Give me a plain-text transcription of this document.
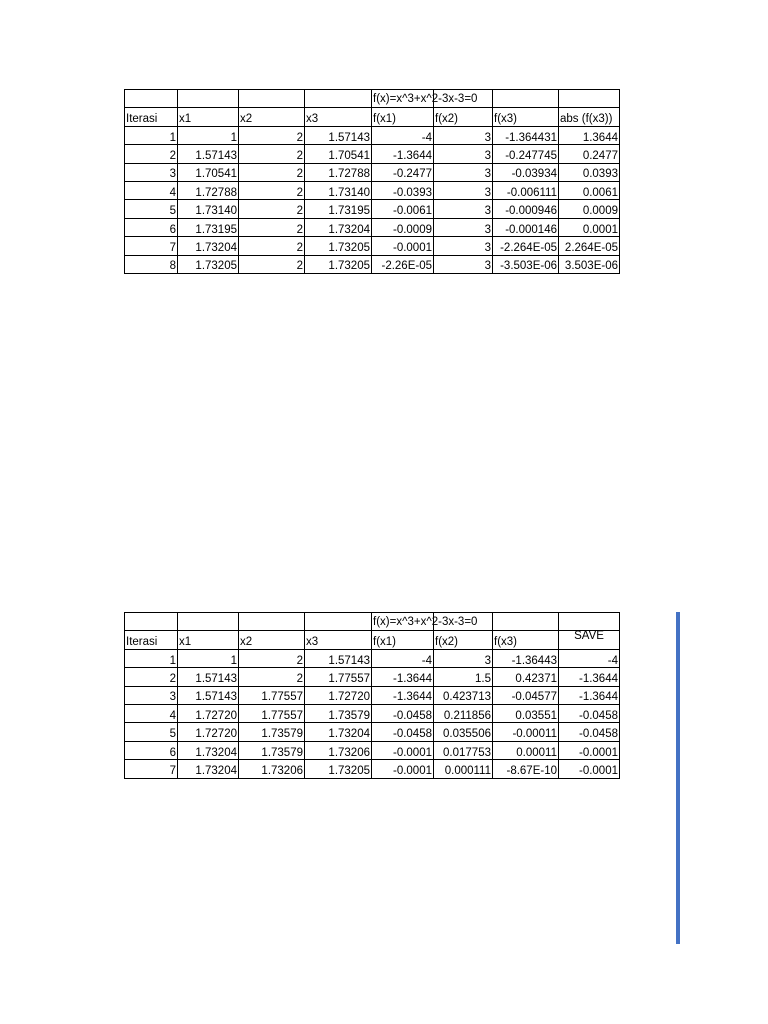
				f(x)=x^3+x^2-3x-3=0			

Iterasi	x1	x2	x3	f(x1)	f(x2)	f(x3)	abs (f(x3))
1	1	2	1.57143	-4	3	-1.364431	1.3644
2	1.57143	2	1.70541	-1.3644	3	-0.247745	0.2477
3	1.70541	2	1.72788	-0.2477	3	-0.03934	0.0393
4	1.72788	2	1.73140	-0.0393	3	-0.006111	0.0061
5	1.73140	2	1.73195	-0.0061	3	-0.000946	0.0009
6	1.73195	2	1.73204	-0.0009	3	-0.000146	0.0001
7	1.73204	2	1.73205	-0.0001	3	-2.264E-05	2.264E-05
8	1.73205	2	1.73205	-2.26E-05	3	-3.503E-06	3.503E-06

				f(x)=x^3+x^2-3x-3=0			

Iterasi	x1	x2	x3	f(x1)	f(x2)	f(x3)	SAVE
1	1	2	1.57143	-4	3	-1.36443	-4
2	1.57143	2	1.77557	-1.3644	1.5	0.42371	-1.3644
3	1.57143	1.77557	1.72720	-1.3644	0.423713	-0.04577	-1.3644
4	1.72720	1.77557	1.73579	-0.0458	0.211856	0.03551	-0.0458
5	1.72720	1.73579	1.73204	-0.0458	0.035506	-0.00011	-0.0458
6	1.73204	1.73579	1.73206	-0.0001	0.017753	0.00011	-0.0001
7	1.73204	1.73206	1.73205	-0.0001	0.000111	-8.67E-10	-0.0001
